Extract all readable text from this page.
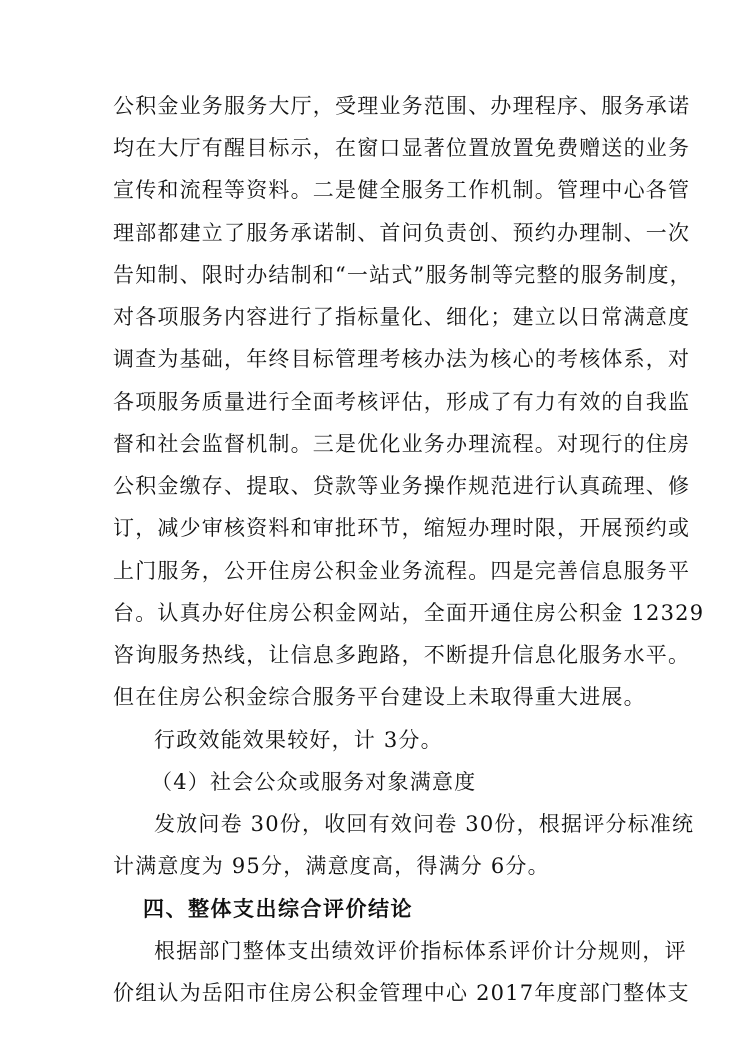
公积金业务服务大厅，受理业务范围、办理程序、服务承诺
均在大厅有醒目标示，在窗口显著位置放置免费赠送的业务
宣传和流程等资料。二是健全服务工作机制。管理中心各管
理部都建立了服务承诺制、首问负责创、预约办理制、一次
告知制、限时办结制和“一站式”服务制等完整的服务制度，
对各项服务内容进行了指标量化、细化；建立以日常满意度
调查为基础，年终目标管理考核办法为核心的考核体系，对
各项服务质量进行全面考核评估，形成了有力有效的自我监
督和社会监督机制。三是优化业务办理流程。对现行的住房
公积金缴存、提取、贷款等业务操作规范进行认真疏理、修
订，减少审核资料和审批环节，缩短办理时限，开展预约或
上门服务，公开住房公积金业务流程。四是完善信息服务平
台。认真办好住房公积金网站，全面开通住房公积金 12329
咨询服务热线，让信息多跑路，不断提升信息化服务水平。
但在住房公积金综合服务平台建设上未取得重大进展。
行政效能效果较好，计 3分。
（4）社会公众或服务对象满意度
发放问卷 30份，收回有效问卷 30份，根据评分标准统
计满意度为 95分，满意度高，得满分 6分。
四、整体支出综合评价结论
根据部门整体支出绩效评价指标体系评价计分规则，评
价组认为岳阳市住房公积金管理中心 2017年度部门整体支
